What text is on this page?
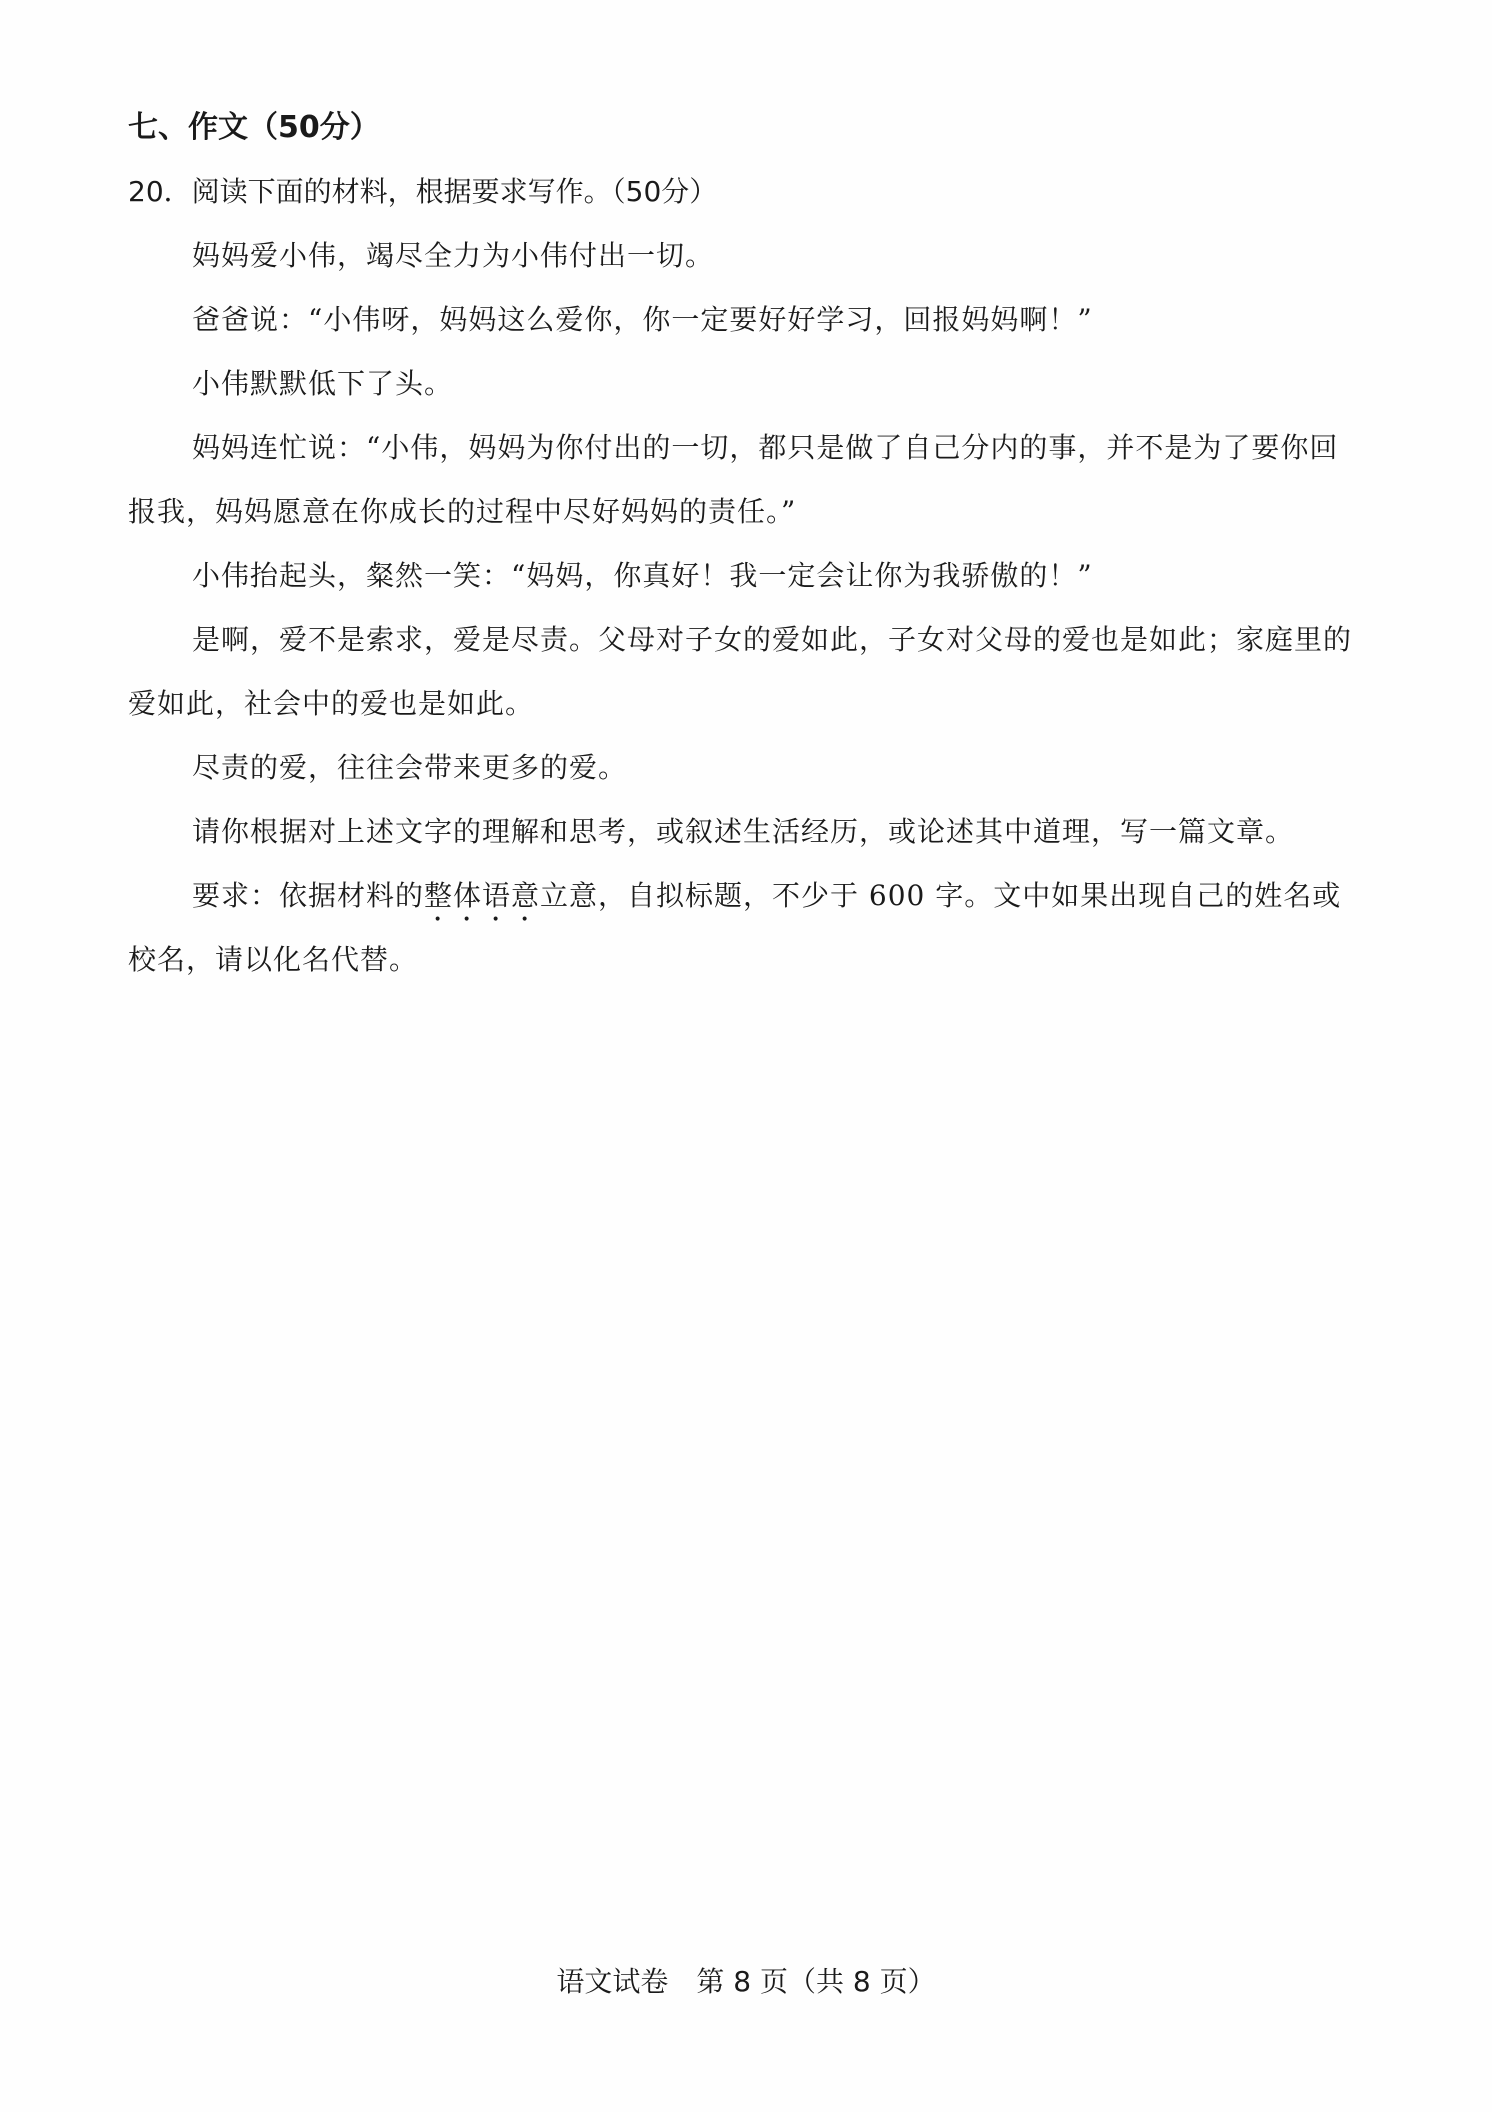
七、作文（50分）
20．阅读下面的材料，根据要求写作。（50分）

妈妈爱小伟，竭尽全力为小伟付出一切。

爸爸说：“小伟呀，妈妈这么爱你，你一定要好好学习，回报妈妈啊！”

小伟默默低下了头。

妈妈连忙说：“小伟，妈妈为你付出的一切，都只是做了自己分内的事，并不是为了要你回报我，妈妈愿意在你成长的过程中尽好妈妈的责任。”

小伟抬起头，粲然一笑：“妈妈，你真好！我一定会让你为我骄傲的！”

是啊，爱不是索求，爱是尽责。父母对子女的爱如此，子女对父母的爱也是如此；家庭里的爱如此，社会中的爱也是如此。

尽责的爱，往往会带来更多的爱。

请你根据对上述文字的理解和思考，或叙述生活经历，或论述其中道理，写一篇文章。

要求：依据材料的整体语意立意，自拟标题，不少于 600 字。文中如果出现自己的姓名或校名，请以化名代替。

语文试卷　第 8 页（共 8 页）
